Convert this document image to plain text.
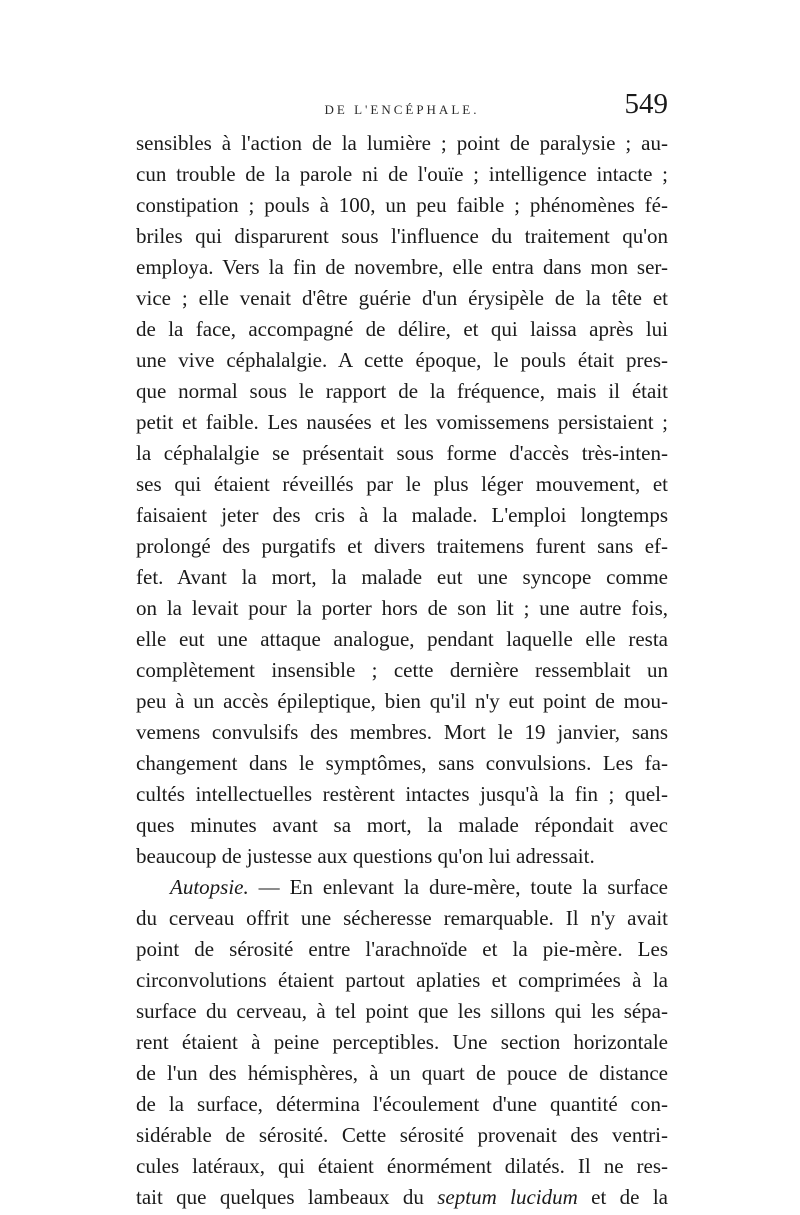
DE L'ENCÉPHALE.	549
sensibles à l'action de la lumière ; point de paralysie ; au-
cun trouble de la parole ni de l'ouïe ; intelligence intacte ;
constipation ; pouls à 100, un peu faible ; phénomènes fé-
briles qui disparurent sous l'influence du traitement qu'on
employa. Vers la fin de novembre, elle entra dans mon ser-
vice ; elle venait d'être guérie d'un érysipèle de la tête et
de la face, accompagné de délire, et qui laissa après lui
une vive céphalalgie. A cette époque, le pouls était pres-
que normal sous le rapport de la fréquence, mais il était
petit et faible. Les nausées et les vomissemens persistaient ;
la céphalalgie se présentait sous forme d'accès très-inten-
ses qui étaient réveillés par le plus léger mouvement, et
faisaient jeter des cris à la malade. L'emploi longtemps
prolongé des purgatifs et divers traitemens furent sans ef-
fet. Avant la mort, la malade eut une syncope comme
on la levait pour la porter hors de son lit ; une autre fois,
elle eut une attaque analogue, pendant laquelle elle resta
complètement insensible ; cette dernière ressemblait un
peu à un accès épileptique, bien qu'il n'y eut point de mou-
vemens convulsifs des membres. Mort le 19 janvier, sans
changement dans le symptômes, sans convulsions. Les fa-
cultés intellectuelles restèrent intactes jusqu'à la fin ; quel-
ques minutes avant sa mort, la malade répondait avec
beaucoup de justesse aux questions qu'on lui adressait.
Autopsie. — En enlevant la dure-mère, toute la surface
du cerveau offrit une sécheresse remarquable. Il n'y avait
point de sérosité entre l'arachnoïde et la pie-mère. Les
circonvolutions étaient partout aplaties et comprimées à la
surface du cerveau, à tel point que les sillons qui les sépa-
rent étaient à peine perceptibles. Une section horizontale
de l'un des hémisphères, à un quart de pouce de distance
de la surface, détermina l'écoulement d'une quantité con-
sidérable de sérosité. Cette sérosité provenait des ventri-
cules latéraux, qui étaient énormément dilatés. Il ne res-
tait que quelques lambeaux du septum lucidum et de la
